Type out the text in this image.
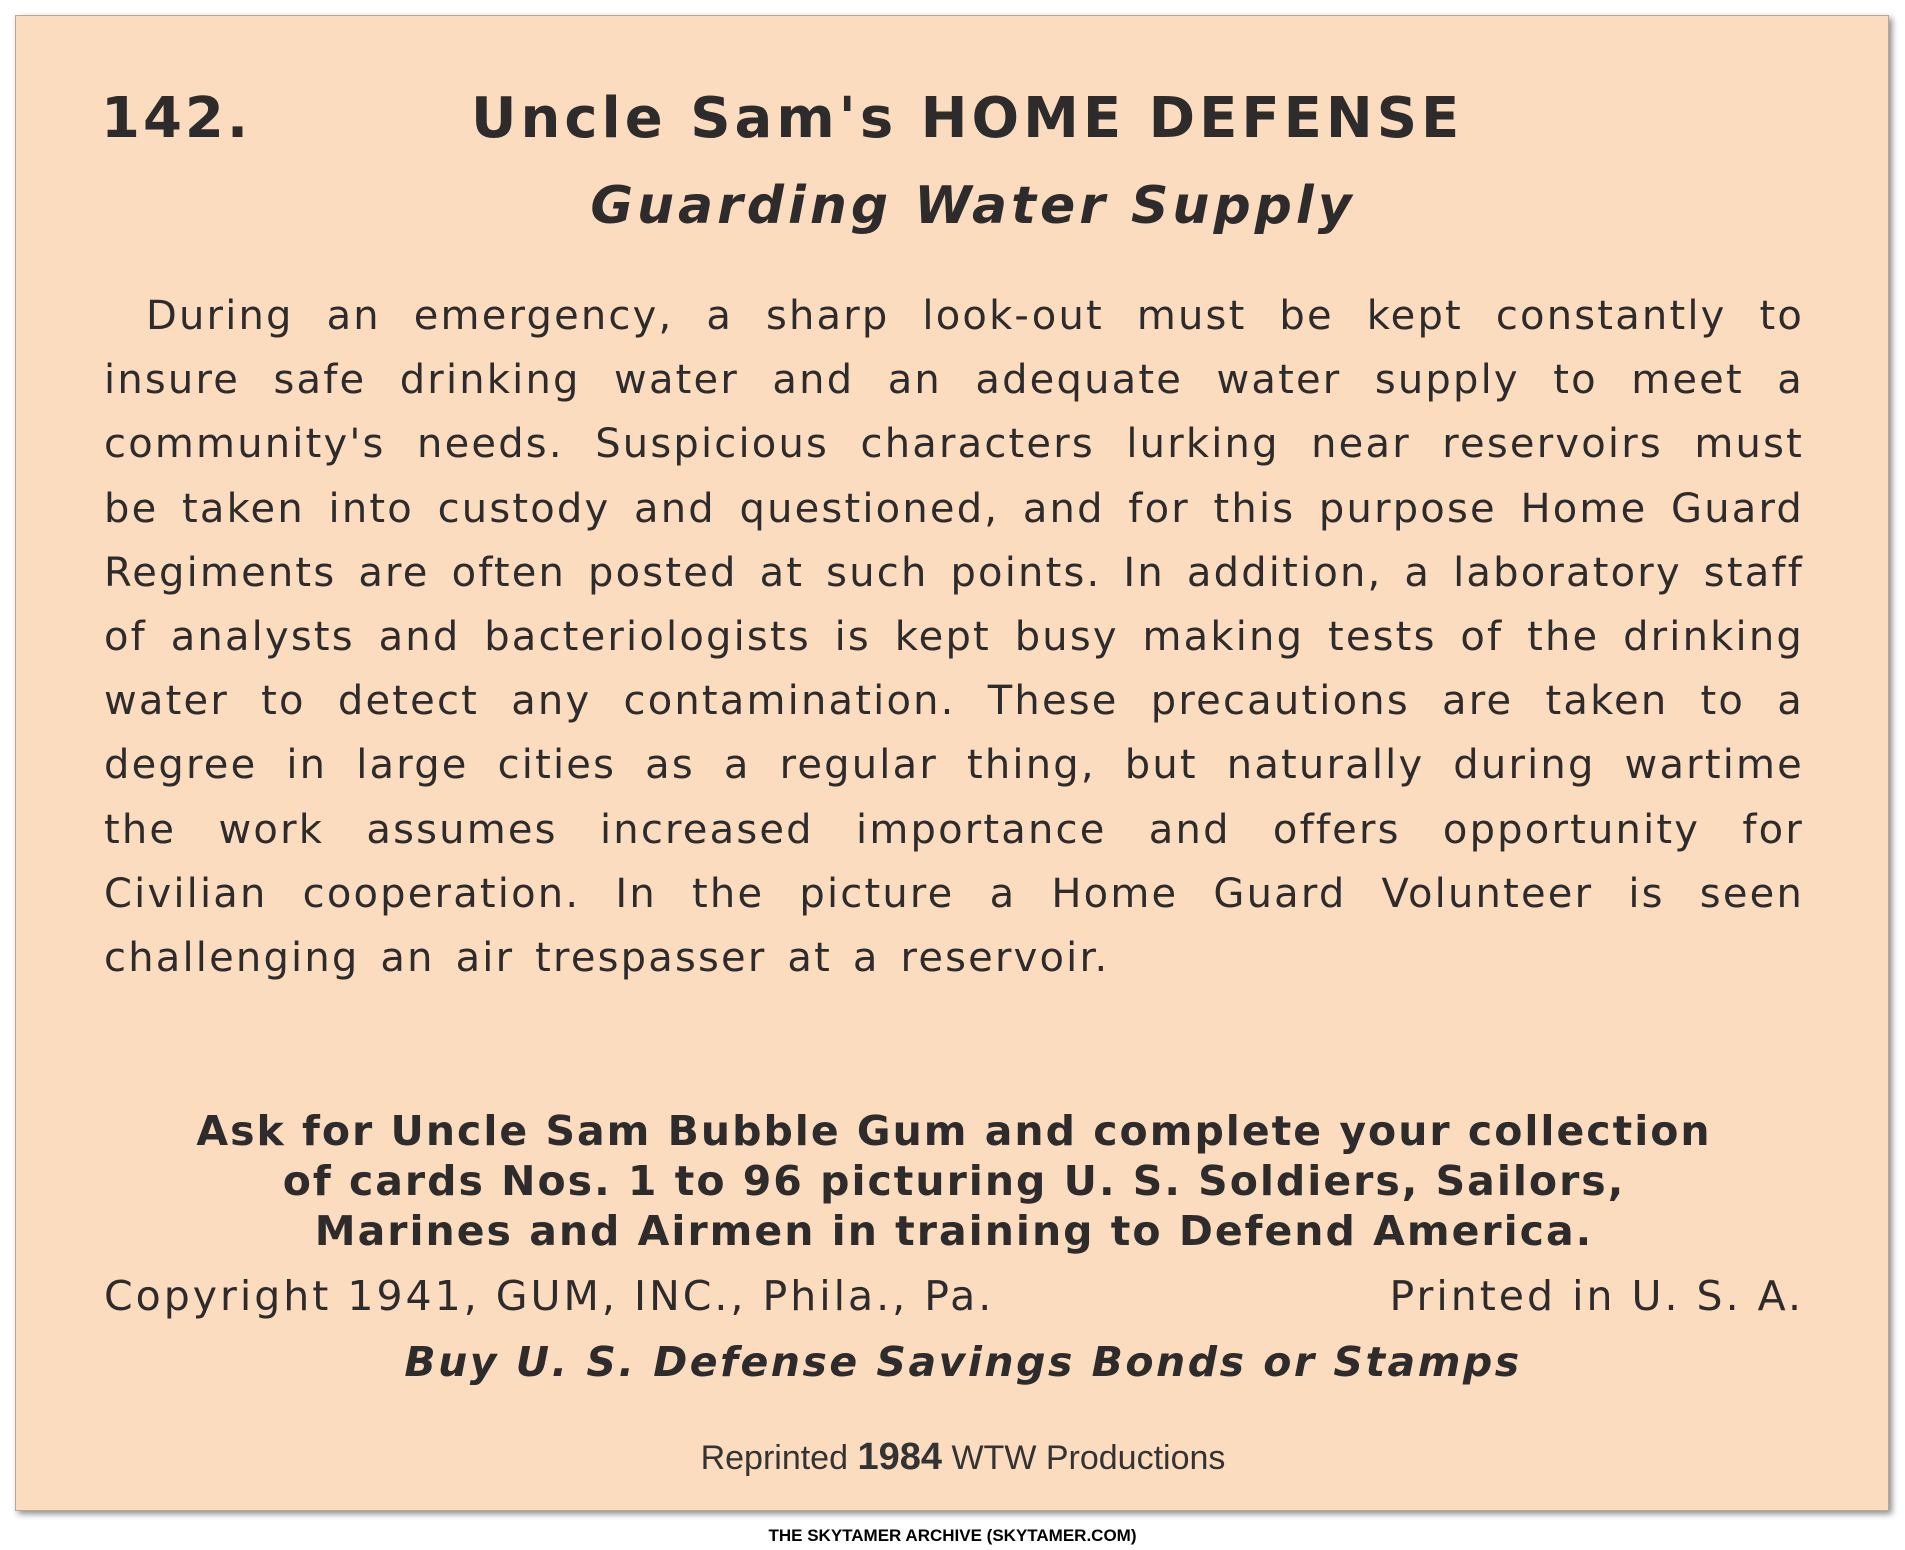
142.	Uncle Sam's HOME DEFENSE
Guarding Water Supply

During an emergency, a sharp look-out must be kept constantly to insure safe drinking water and an adequate water supply to meet a community's needs. Suspicious characters lurking near reservoirs must be taken into custody and questioned, and for this purpose Home Guard Regiments are often posted at such points. In addition, a laboratory staff of analysts and bacteriologists is kept busy making tests of the drinking water to detect any contamination. These precautions are taken to a degree in large cities as a regular thing, but naturally during wartime the work assumes increased importance and offers opportunity for Civilian cooperation. In the picture a Home Guard Volunteer is seen challenging an air trespasser at a reservoir.

Ask for Uncle Sam Bubble Gum and complete your collection
of cards Nos. 1 to 96 picturing U. S. Soldiers, Sailors,
Marines and Airmen in training to Defend America.

Copyright 1941, GUM, INC., Phila., Pa.	Printed in U. S. A.
Buy U. S. Defense Savings Bonds or Stamps
Reprinted 1984 WTW Productions
THE SKYTAMER ARCHIVE (SKYTAMER.COM)
